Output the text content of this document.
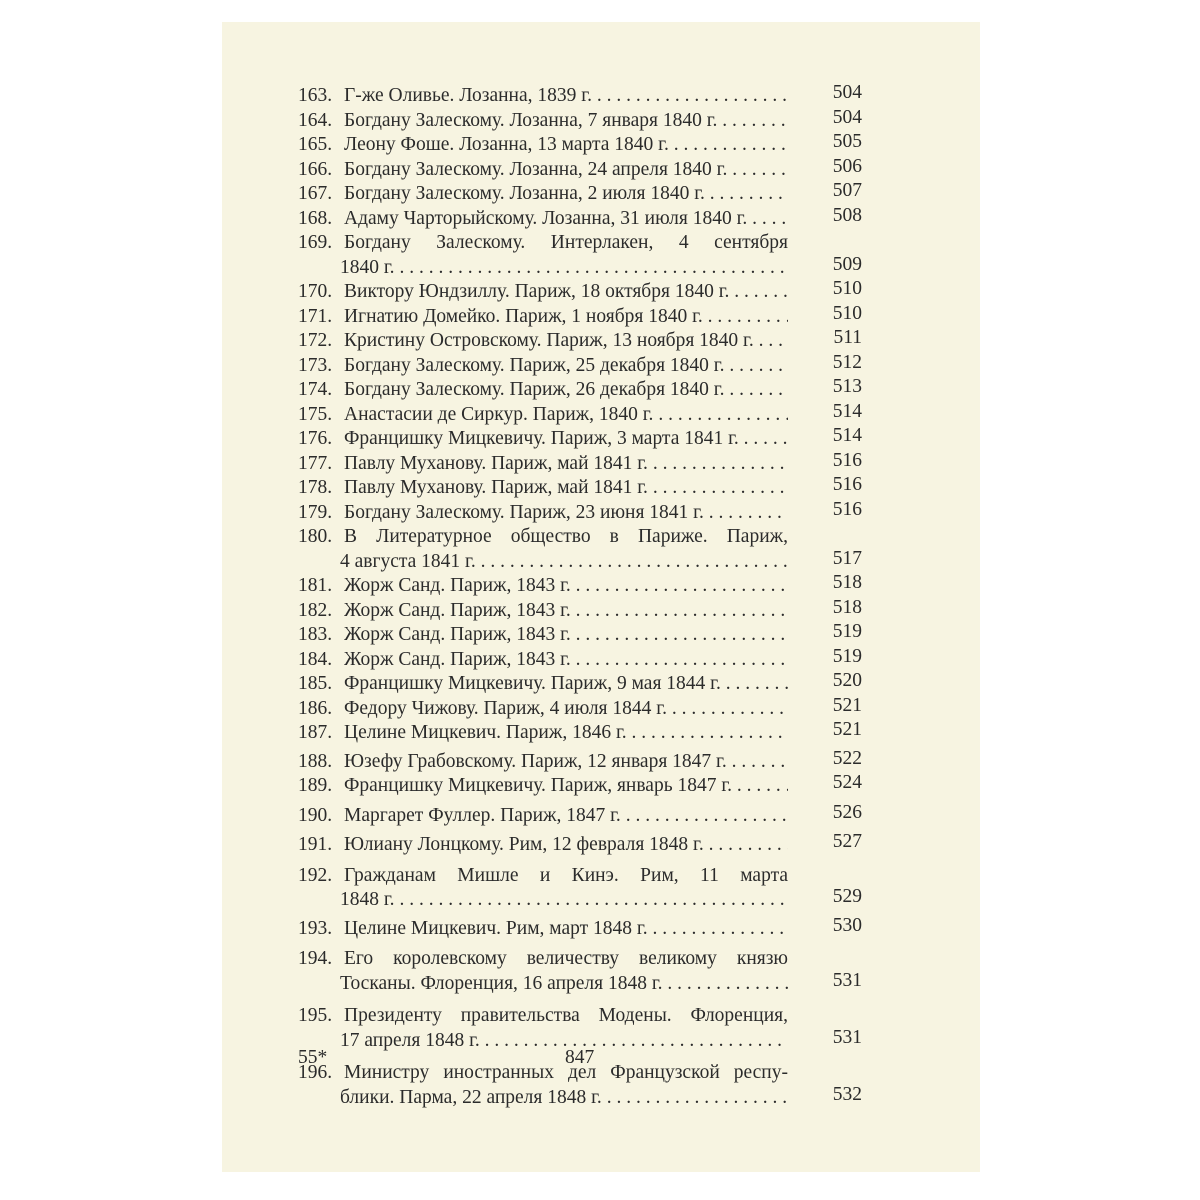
163. Г-же Оливье. Лозанна, 1839 г. . . .	504
164. Богдану Залескому. Лозанна, 7 января 1840 г. . . .	504
165. Леону Фоше. Лозанна, 13 марта 1840 г. . . .	505
166. Богдану Залескому. Лозанна, 24 апреля 1840 г. . . .	506
167. Богдану Залескому. Лозанна, 2 июля 1840 г. . . .	507
168. Адаму Чарторыйскому. Лозанна, 31 июля 1840 г. . . .	508
169. Богдану Залескому. Интерлакен, 4 сентября
1840 г. . . .	509
170. Виктору Юндзиллу. Париж, 18 октября 1840 г. . . .	510
171. Игнатию Домейко. Париж, 1 ноября 1840 г. . . .	510
172. Кристину Островскому. Париж, 13 ноября 1840 г. . . .	511
173. Богдану Залескому. Париж, 25 декабря 1840 г. . . .	512
174. Богдану Залескому. Париж, 26 декабря 1840 г. . . .	513
175. Анастасии де Сиркур. Париж, 1840 г. . . .	514
176. Францишку Мицкевичу. Париж, 3 марта 1841 г. . . .	514
177. Павлу Муханову. Париж, май 1841 г. . . .	516
178. Павлу Муханову. Париж, май 1841 г. . . .	516
179. Богдану Залескому. Париж, 23 июня 1841 г. . . .	516
180. В Литературное общество в Париже. Париж,
4 августа 1841 г. . . .	517
181. Жорж Санд. Париж, 1843 г. . . .	518
182. Жорж Санд. Париж, 1843 г. . . .	518
183. Жорж Санд. Париж, 1843 г. . . .	519
184. Жорж Санд. Париж, 1843 г. . . .	519
185. Францишку Мицкевичу. Париж, 9 мая 1844 г. . . .	520
186. Федору Чижову. Париж, 4 июля 1844 г. . . .	521
187. Целине Мицкевич. Париж, 1846 г. . . .	521
188. Юзефу Грабовскому. Париж, 12 января 1847 г. . . .	522
189. Францишку Мицкевичу. Париж, январь 1847 г. . . .	524
190. Маргарет Фуллер. Париж, 1847 г. . . .	526
191. Юлиану Лонцкому. Рим, 12 февраля 1848 г. . . .	527
192. Гражданам Мишле и Кинэ. Рим, 11 марта
1848 г. . . .	529
193. Целине Мицкевич. Рим, март 1848 г. . . .	530
194. Его королевскому величеству великому князю
Тосканы. Флоренция, 16 апреля 1848 г. . . .	531
195. Президенту правительства Модены. Флоренция,
17 апреля 1848 г. . . .	531
196. Министру иностранных дел Французской респу-
блики. Парма, 22 апреля 1848 г. . . .	532
55*	847
